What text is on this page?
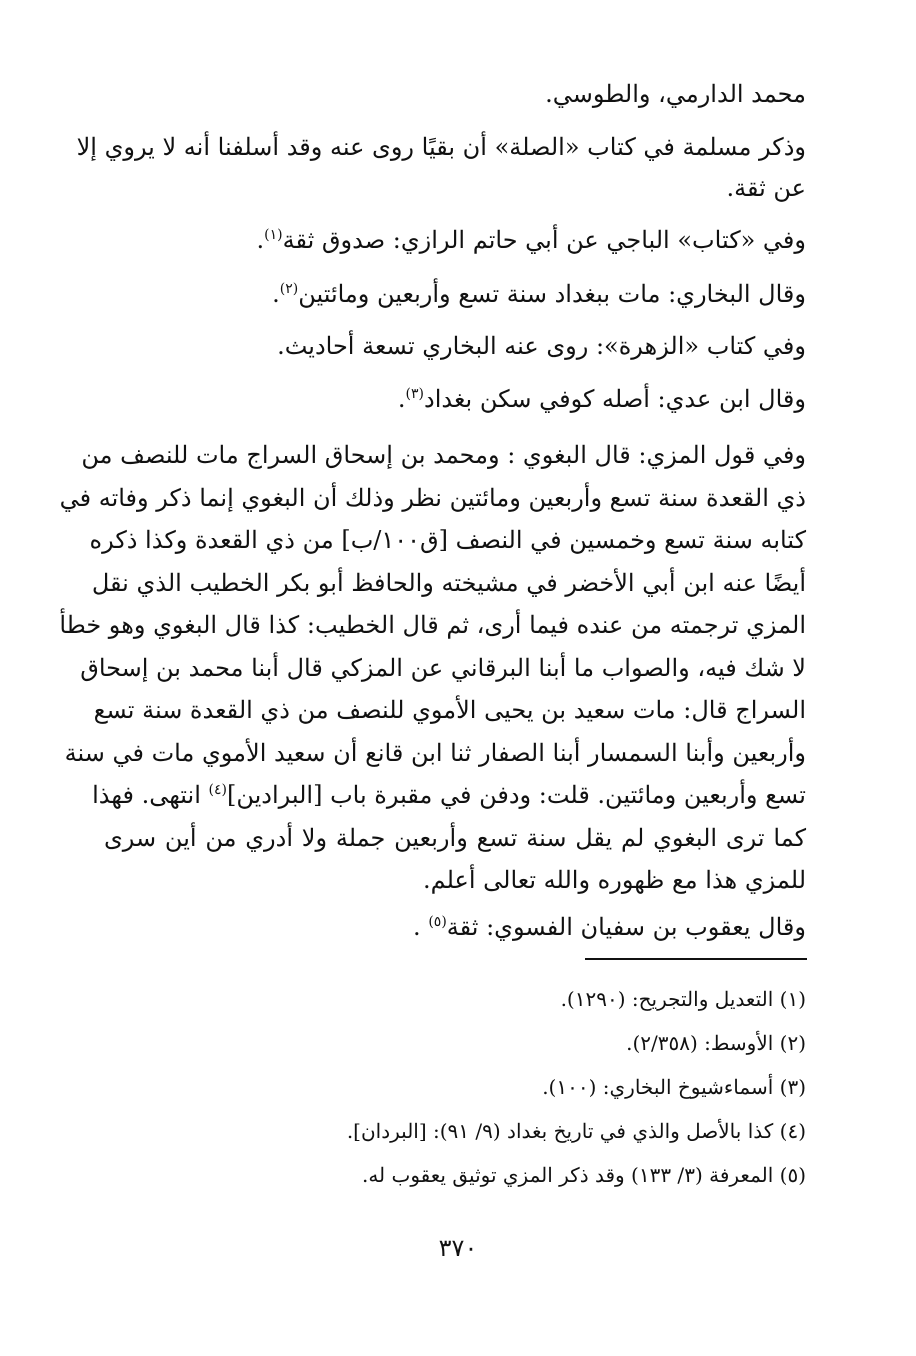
محمد الدارمي، والطوسي.
وذكر مسلمة في كتاب «الصلة» أن بقيًا روى عنه وقد أسلفنا أنه لا يروي إلا
عن ثقة.
وفي «كتاب» الباجي عن أبي حاتم الرازي: صدوق ثقة$^{(١)}$.
وقال البخاري: مات ببغداد سنة تسع وأربعين ومائتين$^{(٢)}$.
وفي كتاب «الزهرة»: روى عنه البخاري تسعة أحاديث.
وقال ابن عدي: أصله كوفي سكن بغداد$^{(٣)}$.
وفي قول المزي: قال البغوي : ومحمد بن إسحاق السراج مات للنصف من
ذي القعدة سنة تسع وأربعين ومائتين نظر وذلك أن البغوي إنما ذكر وفاته في
كتابه سنة تسع وخمسين في النصف [ق١٠٠/ب] من ذي القعدة وكذا ذكره
أيضًا عنه ابن أبي الأخضر في مشيخته والحافظ أبو بكر الخطيب الذي نقل
المزي ترجمته من عنده فيما أرى، ثم قال الخطيب: كذا قال البغوي وهو خطأ
لا شك فيه، والصواب ما أبنا البرقاني عن المزكي قال أبنا محمد بن إسحاق
السراج قال: مات سعيد بن يحيى الأموي للنصف من ذي القعدة سنة تسع
وأربعين وأبنا السمسار أبنا الصفار ثنا ابن قانع أن سعيد الأموي مات في سنة
تسع وأربعين ومائتين. قلت: ودفن في مقبرة باب [البرادين]$^{(٤)}$ انتهى. فهذا
كما ترى البغوي لم يقل سنة تسع وأربعين جملة ولا أدري من أين سرى
للمزي هذا مع ظهوره والله تعالى أعلم.
وقال يعقوب بن سفيان الفسوي: ثقة$^{(٥)}$ .
(١) التعديل والتجريح: (١٢٩٠).
(٢) الأوسط: (٢/٣٥٨).
(٣) أسماءشيوخ البخاري: (١٠٠).
(٤) كذا بالأصل والذي في تاريخ بغداد (٩/ ٩١): [البردان].
(٥) المعرفة (٣/ ١٣٣) وقد ذكر المزي توثيق يعقوب له.
٣٧٠
